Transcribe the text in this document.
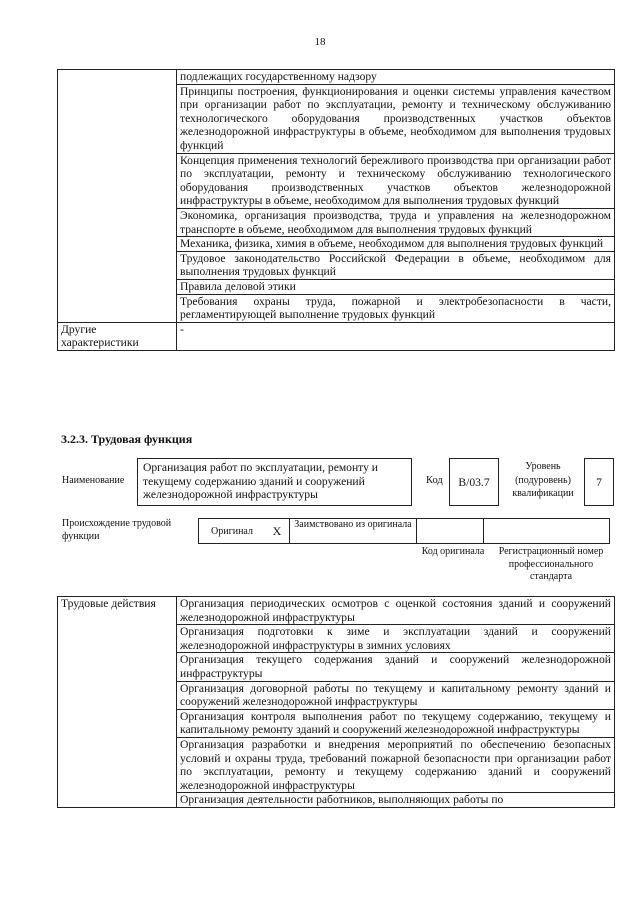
18
	подлежащих государственному надзору
	Принципы построения, функционирования и оценки системы управления качеством при организации работ по эксплуатации, ремонту и техническому обслуживанию технологического оборудования производственных участков объектов железнодорожной инфраструктуры в объеме, необходимом для выполнения трудовых функций
	Концепция применения технологий бережливого производства при организации работ по эксплуатации, ремонту и техническому обслуживанию технологического оборудования производственных участков объектов железнодорожной инфраструктуры в объеме, необходимом для выполнения трудовых функций
	Экономика, организация производства, труда и управления на железнодорожном транспорте в объеме, необходимом для выполнения трудовых функций
	Механика, физика, химия в объеме, необходимом для выполнения трудовых функций
	Трудовое законодательство Российской Федерации в объеме, необходимом для выполнения трудовых функций
	Правила деловой этики
	Требования охраны труда, пожарной и электробезопасности в части, регламентирующей выполнение трудовых функций
Другие характеристики	-
3.2.3. Трудовая функция
Наименование
Организация работ по эксплуатации, ремонту и текущему содержанию зданий и сооружений железнодорожной инфраструктуры
Код	В/03.7
Уровень (подуровень) квалификации
7
Происхождение трудовой
функции	Оригинал	X	Заимствовано из оригинала		
Код оригинала	Регистрационный номер профессионального стандарта
Трудовые действия	Организация периодических осмотров с оценкой состояния зданий и сооружений железнодорожной инфраструктуры
Организация подготовки к зиме и эксплуатации зданий и сооружений железнодорожной инфраструктуры в зимних условиях
Организация текущего содержания зданий и сооружений железнодорожной инфраструктуры
Организация договорной работы по текущему и капитальному ремонту зданий и сооружений железнодорожной инфраструктуры
Организация контроля выполнения работ по текущему содержанию, текущему и капитальному ремонту зданий и сооружений железнодорожной инфраструктуры
Организация разработки и внедрения мероприятий по обеспечению безопасных условий и охраны труда, требований пожарной безопасности при организации работ по эксплуатации, ремонту и текущему содержанию зданий и сооружений железнодорожной инфраструктуры
Организация деятельности работников, выполняющих работы по
